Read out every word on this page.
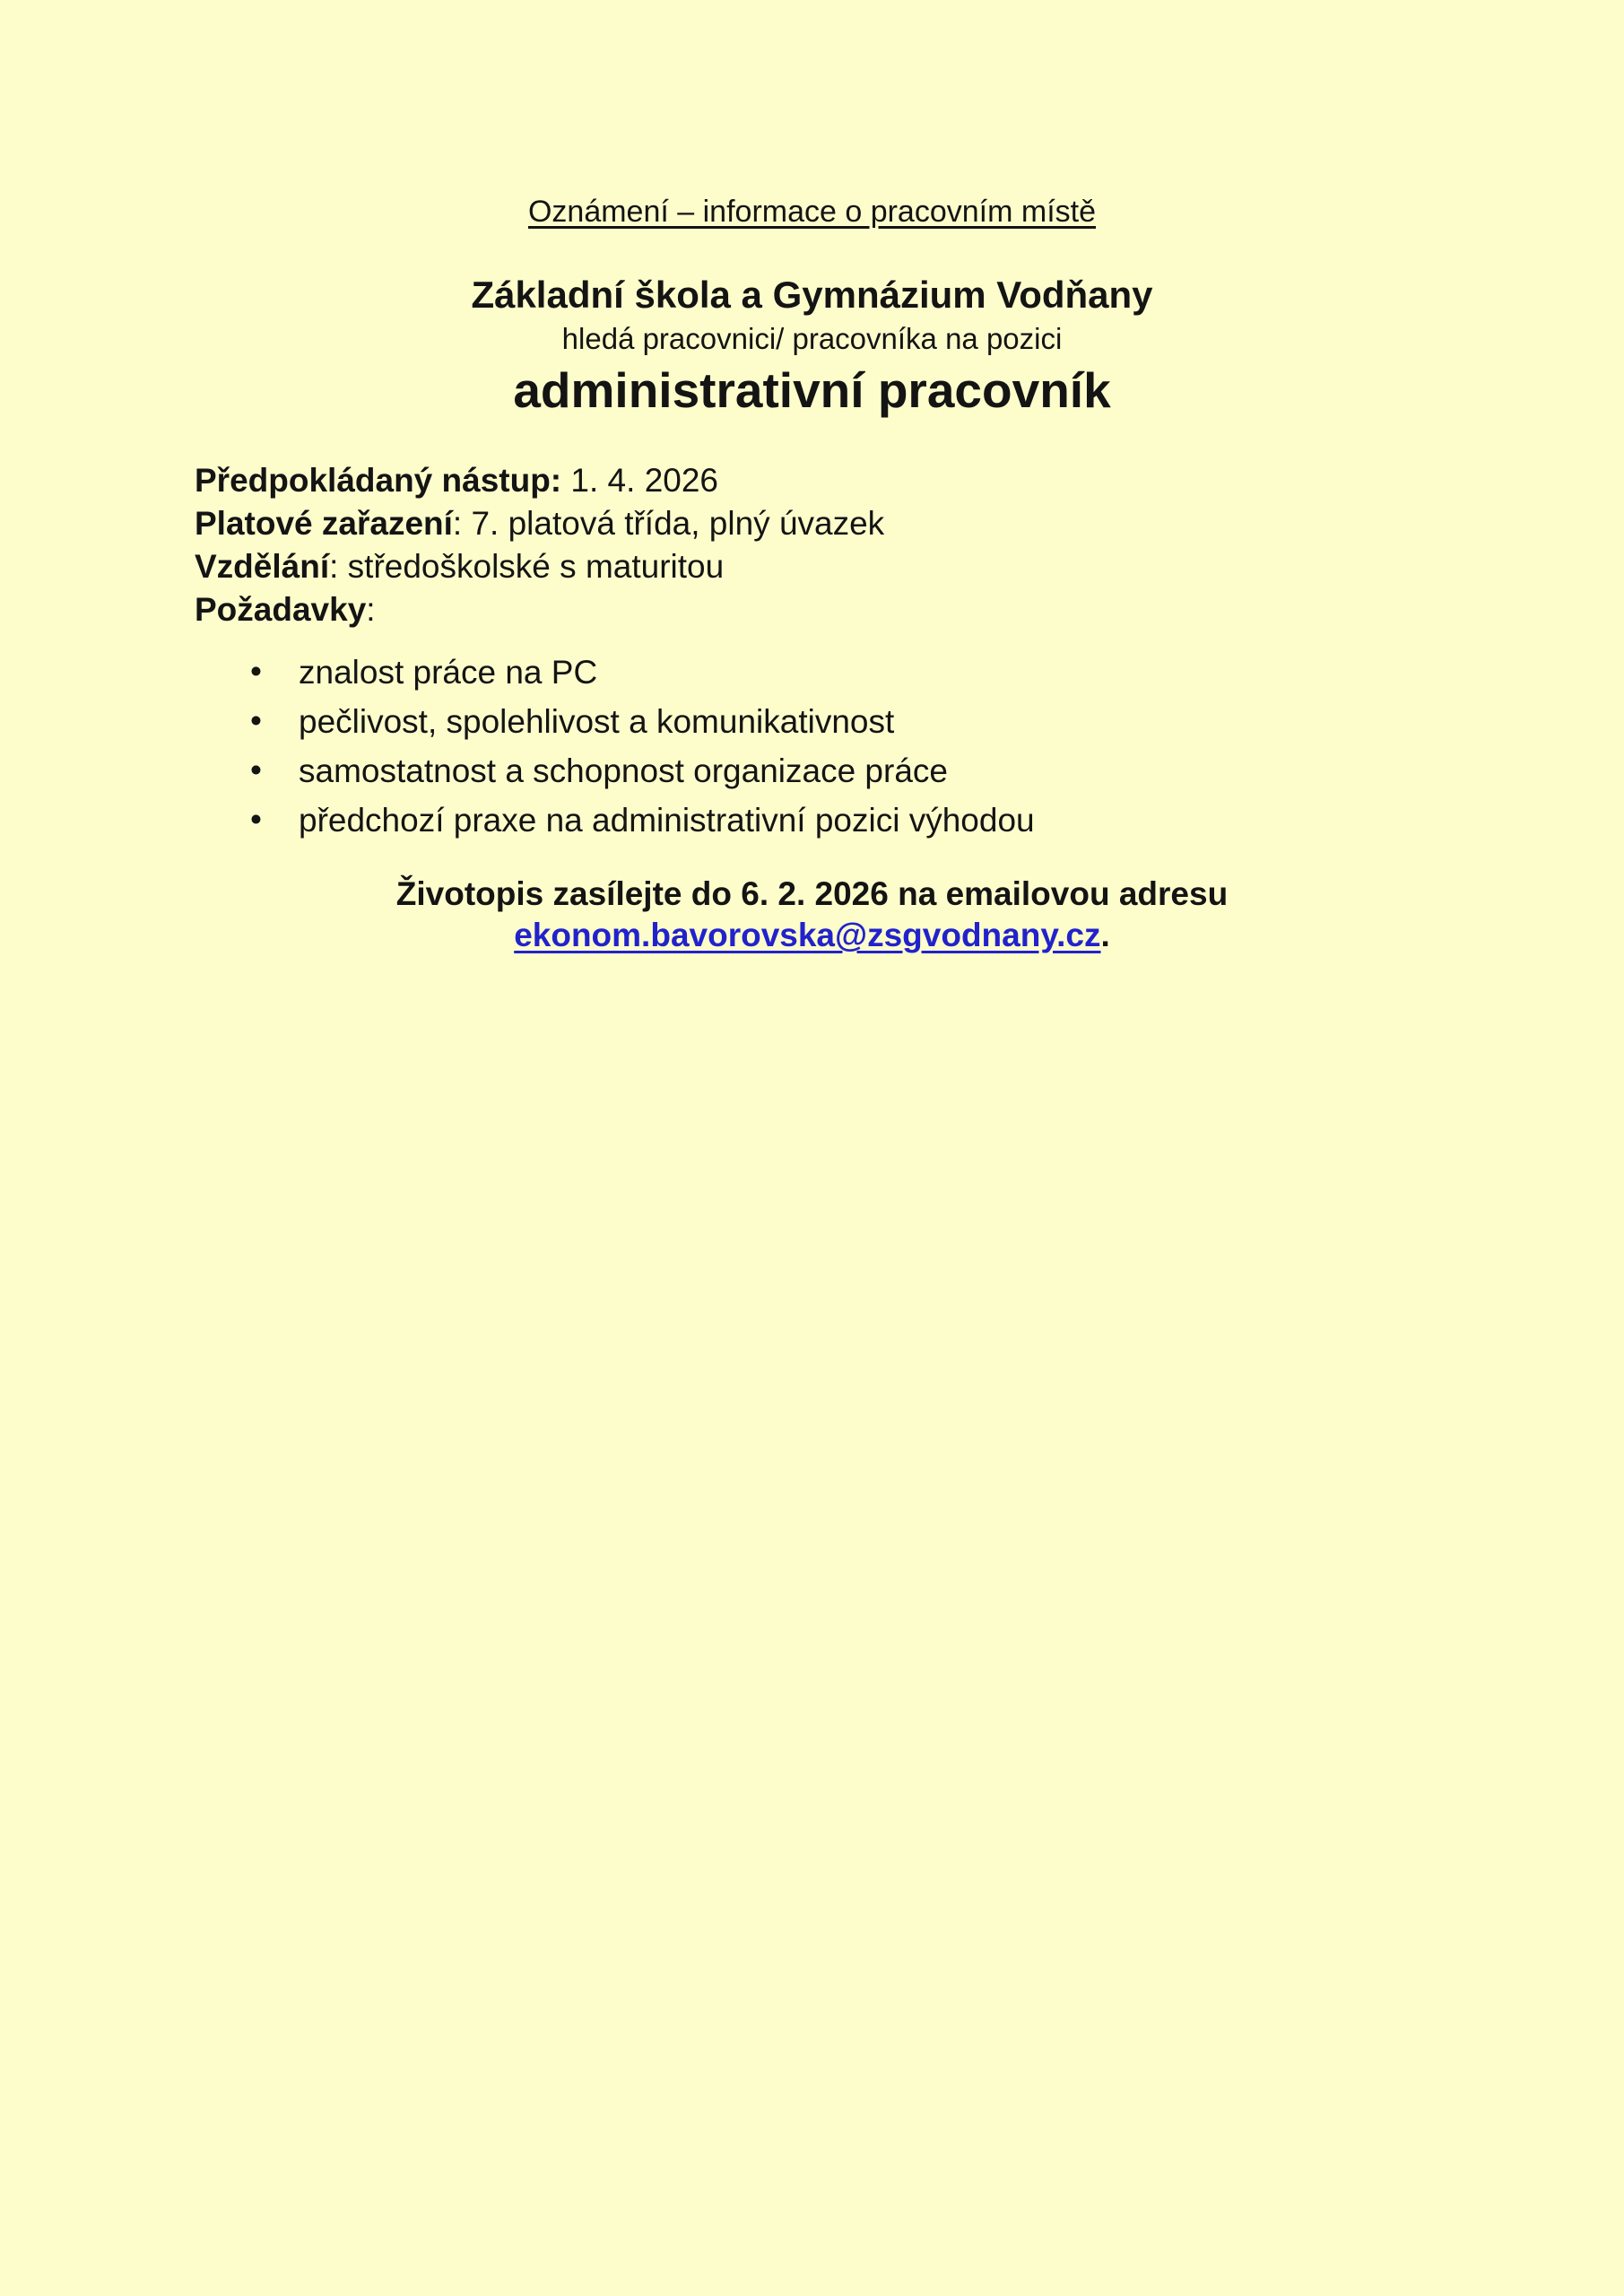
Oznámení – informace o pracovním místě

Základní škola a Gymnázium Vodňany

hledá pracovnici/ pracovníka na pozici

administrativní pracovník

Předpokládaný nástup: 1. 4. 2026

Platové zařazení: 7. platová třída, plný úvazek

Vzdělání: středoškolské s maturitou

Požadavky:

• znalost práce na PC
• pečlivost, spolehlivost a komunikativnost
• samostatnost a schopnost organizace práce
• předchozí praxe na administrativní pozici výhodou

Životopis zasílejte do 6. 2. 2026 na emailovou adresu

ekonom.bavorovska@zsgvodnany.cz.
